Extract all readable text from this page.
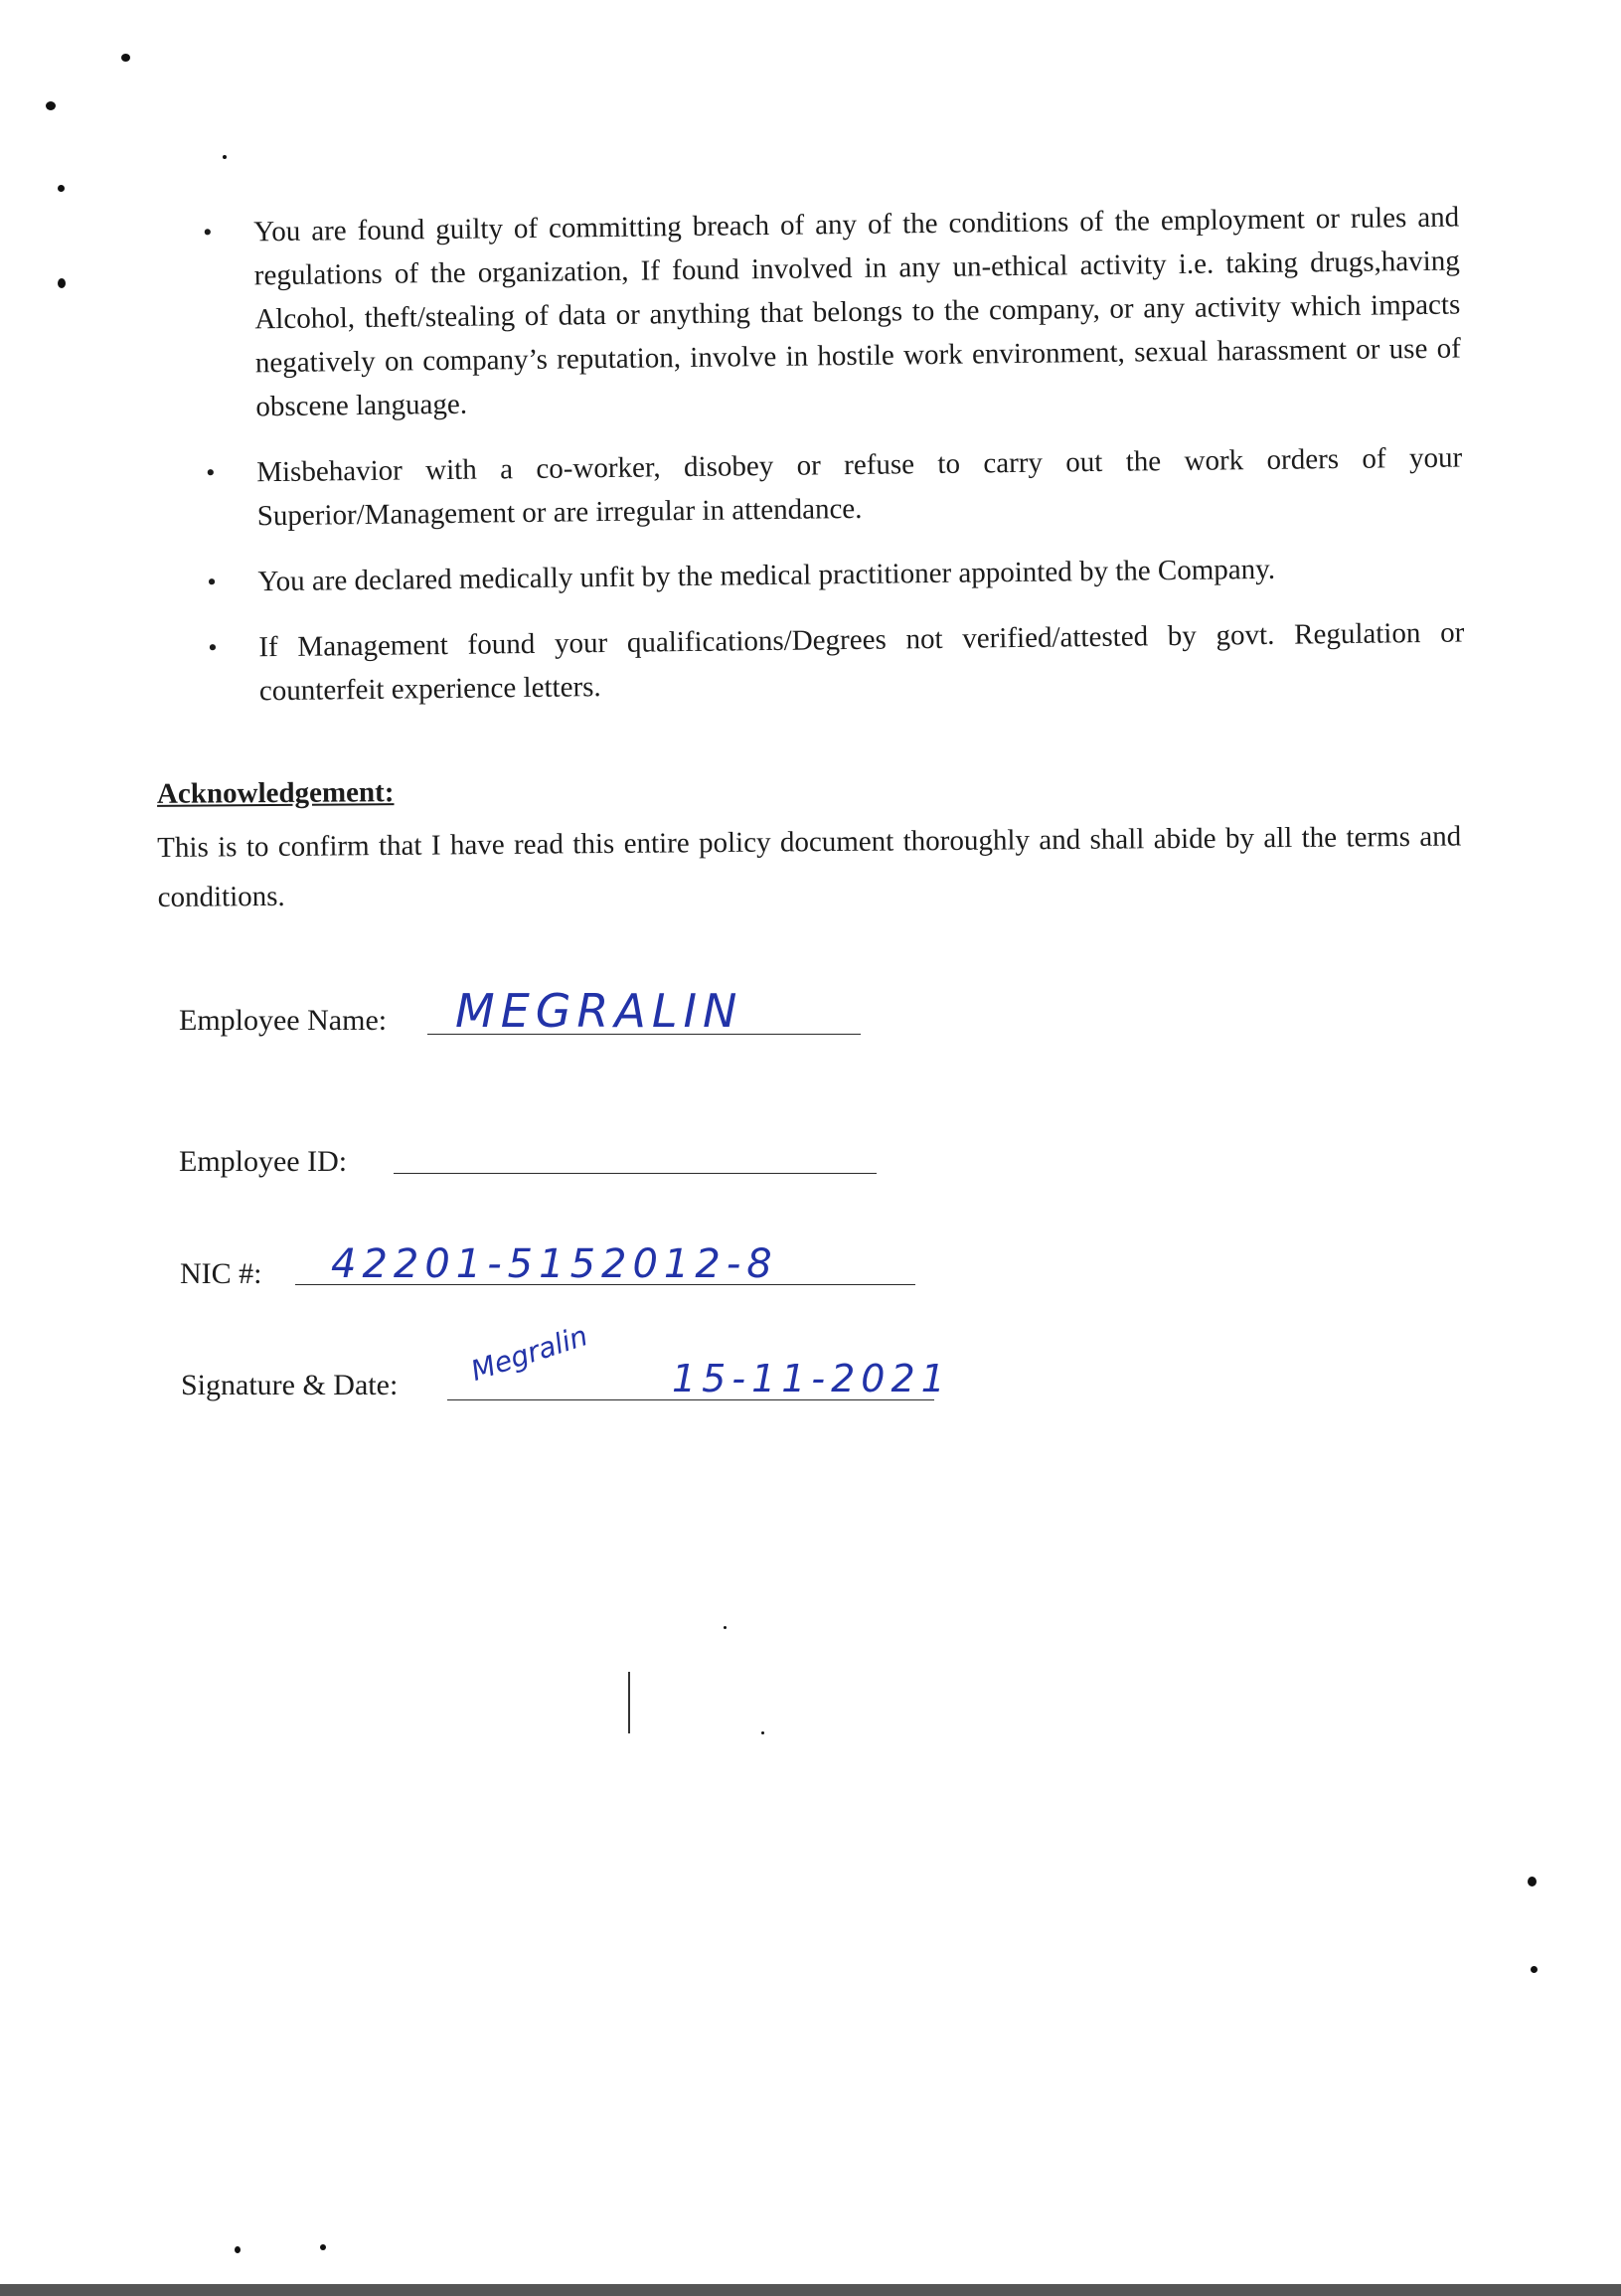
• You are found guilty of committing breach of any of the conditions of the employment or rules and regulations of the organization, If found involved in any un-ethical activity i.e. taking drugs,having Alcohol, theft/stealing of data or anything that belongs to the company, or any activity which impacts negatively on company’s reputation, involve in hostile work environment, sexual harassment or use of obscene language.
• Misbehavior with a co-worker, disobey or refuse to carry out the work orders of your Superior/Management or are irregular in attendance.
• You are declared medically unfit by the medical practitioner appointed by the Company.
• If Management found your qualifications/Degrees not verified/attested by govt. Regulation or counterfeit experience letters.
Acknowledgement:
This is to confirm that I have read this entire policy document thoroughly and shall abide by all the terms and conditions.
Employee Name: MEGRALIN
Employee ID:
NIC #: 42201-5152012-8
Signature & Date: Megralin 15-11-2021
